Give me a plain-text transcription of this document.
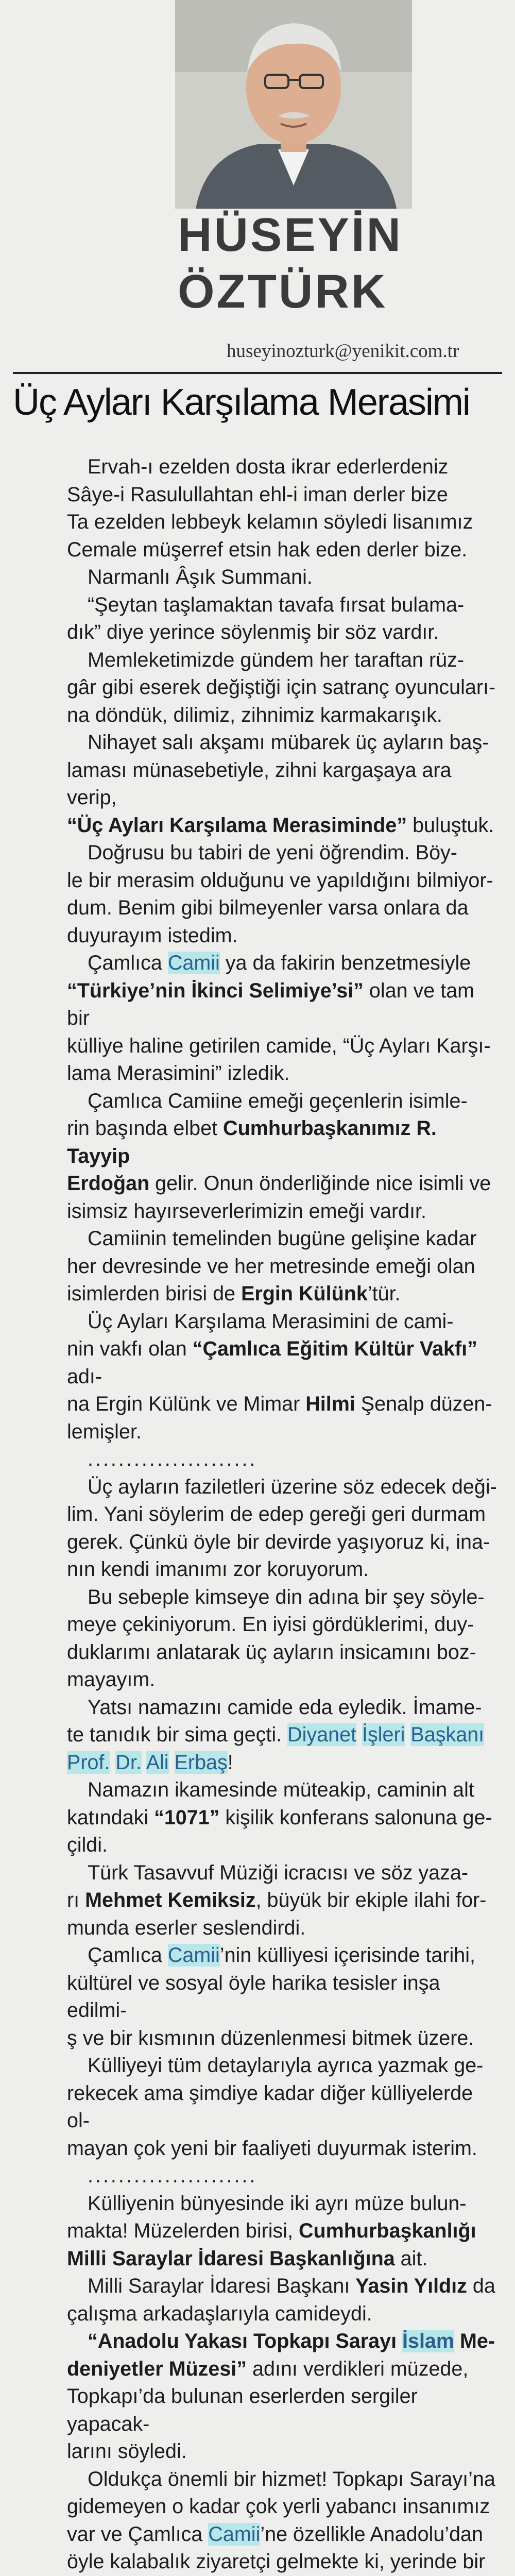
HÜSEYİN
ÖZTÜRK
huseyinozturk@yenikit.com.tr
Üç Ayları Karşılama Merasimi

Ervah-ı ezelden dosta ikrar ederlerdeniz
Sâye-i Rasulullahtan ehl-i iman derler bize
Ta ezelden lebbeyk kelamın söyledi lisanımız
Cemale müşerref etsin hak eden derler bize.

Narmanlı Âşık Summani.

“Şeytan taşlamaktan tavafa fırsat bulama-
dık” diye yerince söylenmiş bir söz vardır.

Memleketimizde gündem her taraftan rüz-
gâr gibi eserek değiştiği için satranç oyuncuları-
na döndük, dilimiz, zihnimiz karmakarışık.

Nihayet salı akşamı mübarek üç ayların baş-
laması münasebetiyle, zihni kargaşaya ara verip,
“Üç Ayları Karşılama Merasiminde” buluştuk.

Doğrusu bu tabiri de yeni öğrendim. Böy-
le bir merasim olduğunu ve yapıldığını bilmiyor-
dum. Benim gibi bilmeyenler varsa onlara da
duyurayım istedim.

Çamlıca Camii ya da fakirin benzetmesiyle
“Türkiye’nin İkinci Selimiye’si” olan ve tam bir
külliye haline getirilen camide, “Üç Ayları Karşı-
lama Merasimini” izledik.

Çamlıca Camiine emeği geçenlerin isimle-
rin başında elbet Cumhurbaşkanımız R. Tayyip
Erdoğan gelir. Onun önderliğinde nice isimli ve
isimsiz hayırseverlerimizin emeği vardır.

Camiinin temelinden bugüne gelişine kadar
her devresinde ve her metresinde emeği olan
isimlerden birisi de Ergin Külünk’tür.

Üç Ayları Karşılama Merasimini de cami-
nin vakfı olan “Çamlıca Eğitim Kültür Vakfı” adı-
na Ergin Külünk ve Mimar Hilmi Şenalp düzen-
lemişler.

......................

Üç ayların faziletleri üzerine söz edecek deği-
lim. Yani söylerim de edep gereği geri durmam
gerek. Çünkü öyle bir devirde yaşıyoruz ki, ina-
nın kendi imanımı zor koruyorum.

Bu sebeple kimseye din adına bir şey söyle-
meye çekiniyorum. En iyisi gördüklerimi, duy-
duklarımı anlatarak üç ayların insicamını boz-
mayayım.

Yatsı namazını camide eda eyledik. İmame-
te tanıdık bir sima geçti. Diyanet İşleri Başkanı
Prof. Dr. Ali Erbaş!

Namazın ikamesinde müteakip, caminin alt
katındaki “1071” kişilik konferans salonuna ge-
çildi.

Türk Tasavvuf Müziği icracısı ve söz yaza-
rı Mehmet Kemiksiz, büyük bir ekiple ilahi for-
munda eserler seslendirdi.

Çamlıca Camii’nin külliyesi içerisinde tarihi,
kültürel ve sosyal öyle harika tesisler inşa edilmi-
ş ve bir kısmının düzenlenmesi bitmek üzere.

Külliyeyi tüm detaylarıyla ayrıca yazmak ge-
rekecek ama şimdiye kadar diğer külliyelerde ol-
mayan çok yeni bir faaliyeti duyurmak isterim.

......................

Külliyenin bünyesinde iki ayrı müze bulun-
makta! Müzelerden birisi, Cumhurbaşkanlığı
Milli Saraylar İdaresi Başkanlığına ait.

Milli Saraylar İdaresi Başkanı Yasin Yıldız da
çalışma arkadaşlarıyla camideydi.

“Anadolu Yakası Topkapı Sarayı İslam Me-
deniyetler Müzesi” adını verdikleri müzede,
Topkapı’da bulunan eserlerden sergiler yapacak-
larını söyledi.

Oldukça önemli bir hizmet! Topkapı Sarayı’na
gidemeyen o kadar çok yerli yabancı insanımız
var ve Çamlıca Camii’ne özellikle Anadolu’dan
öyle kalabalık ziyaretçi gelmekte ki, yerinde bir
